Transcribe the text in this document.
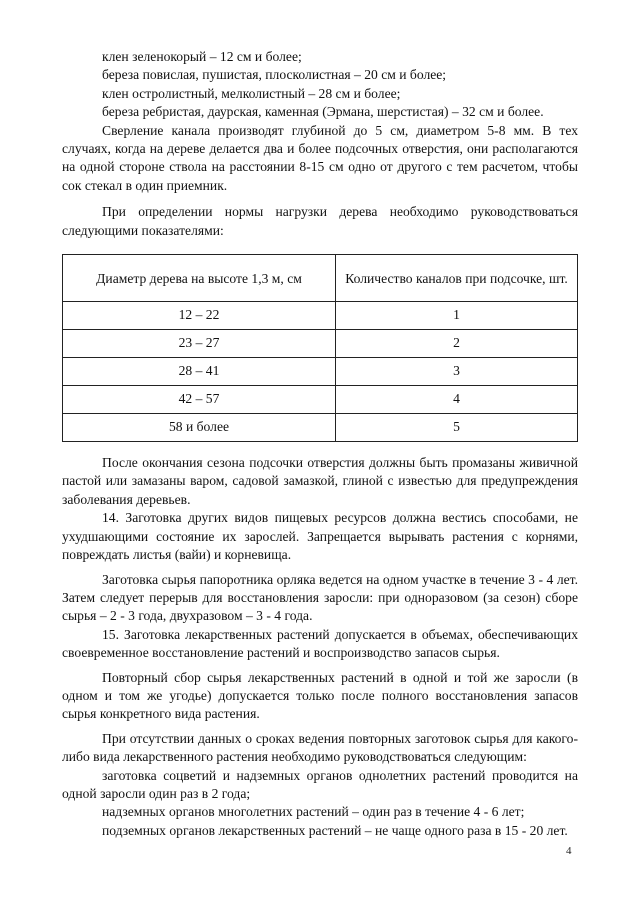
клен зеленокорый – 12 см и более;

береза повислая, пушистая, плосколистная – 20 см и более;

клен остролистный, мелколистный – 28 см и более;

береза ребристая, даурская, каменная (Эрмана, шерстистая) – 32 см и более.

Сверление канала производят глубиной до 5 см, диаметром 5-8 мм. В тех случаях, когда на дереве делается два и более подсочных отверстия, они располагаются на одной стороне ствола на расстоянии 8-15 см одно от другого с тем расчетом, чтобы сок стекал в один приемник.

При определении нормы нагрузки дерева необходимо руководствоваться следующими показателями:

Диаметр дерева на высоте 1,3 м, см	Количество каналов при подсочке, шт.
12 – 22	1
23 – 27	2
28 – 41	3
42 – 57	4
58 и более	5

После окончания сезона подсочки отверстия должны быть промазаны живичной пастой или замазаны варом, садовой замазкой, глиной с известью для предупреждения заболевания деревьев.

14. Заготовка других видов пищевых ресурсов должна вестись способами, не ухудшающими состояние их зарослей. Запрещается вырывать растения с корнями, повреждать листья (вайи) и корневища.

Заготовка сырья папоротника орляка ведется на одном участке в течение 3 - 4 лет. Затем следует перерыв для восстановления заросли: при одноразовом (за сезон) сборе сырья – 2 - 3 года, двухразовом – 3 - 4 года.

15. Заготовка лекарственных растений допускается в объемах, обеспечивающих своевременное восстановление растений и воспроизводство запасов сырья.

Повторный сбор сырья лекарственных растений в одной и той же заросли (в одном и том же угодье) допускается только после полного восстановления запасов сырья конкретного вида растения.

При отсутствии данных о сроках ведения повторных заготовок сырья для какого-либо вида лекарственного растения необходимо руководствоваться следующим:

заготовка соцветий и надземных органов однолетних растений проводится на одной заросли один раз в 2 года;

надземных органов многолетних растений – один раз в течение 4 - 6 лет;

подземных органов лекарственных растений – не чаще одного раза в 15 - 20 лет.

4
